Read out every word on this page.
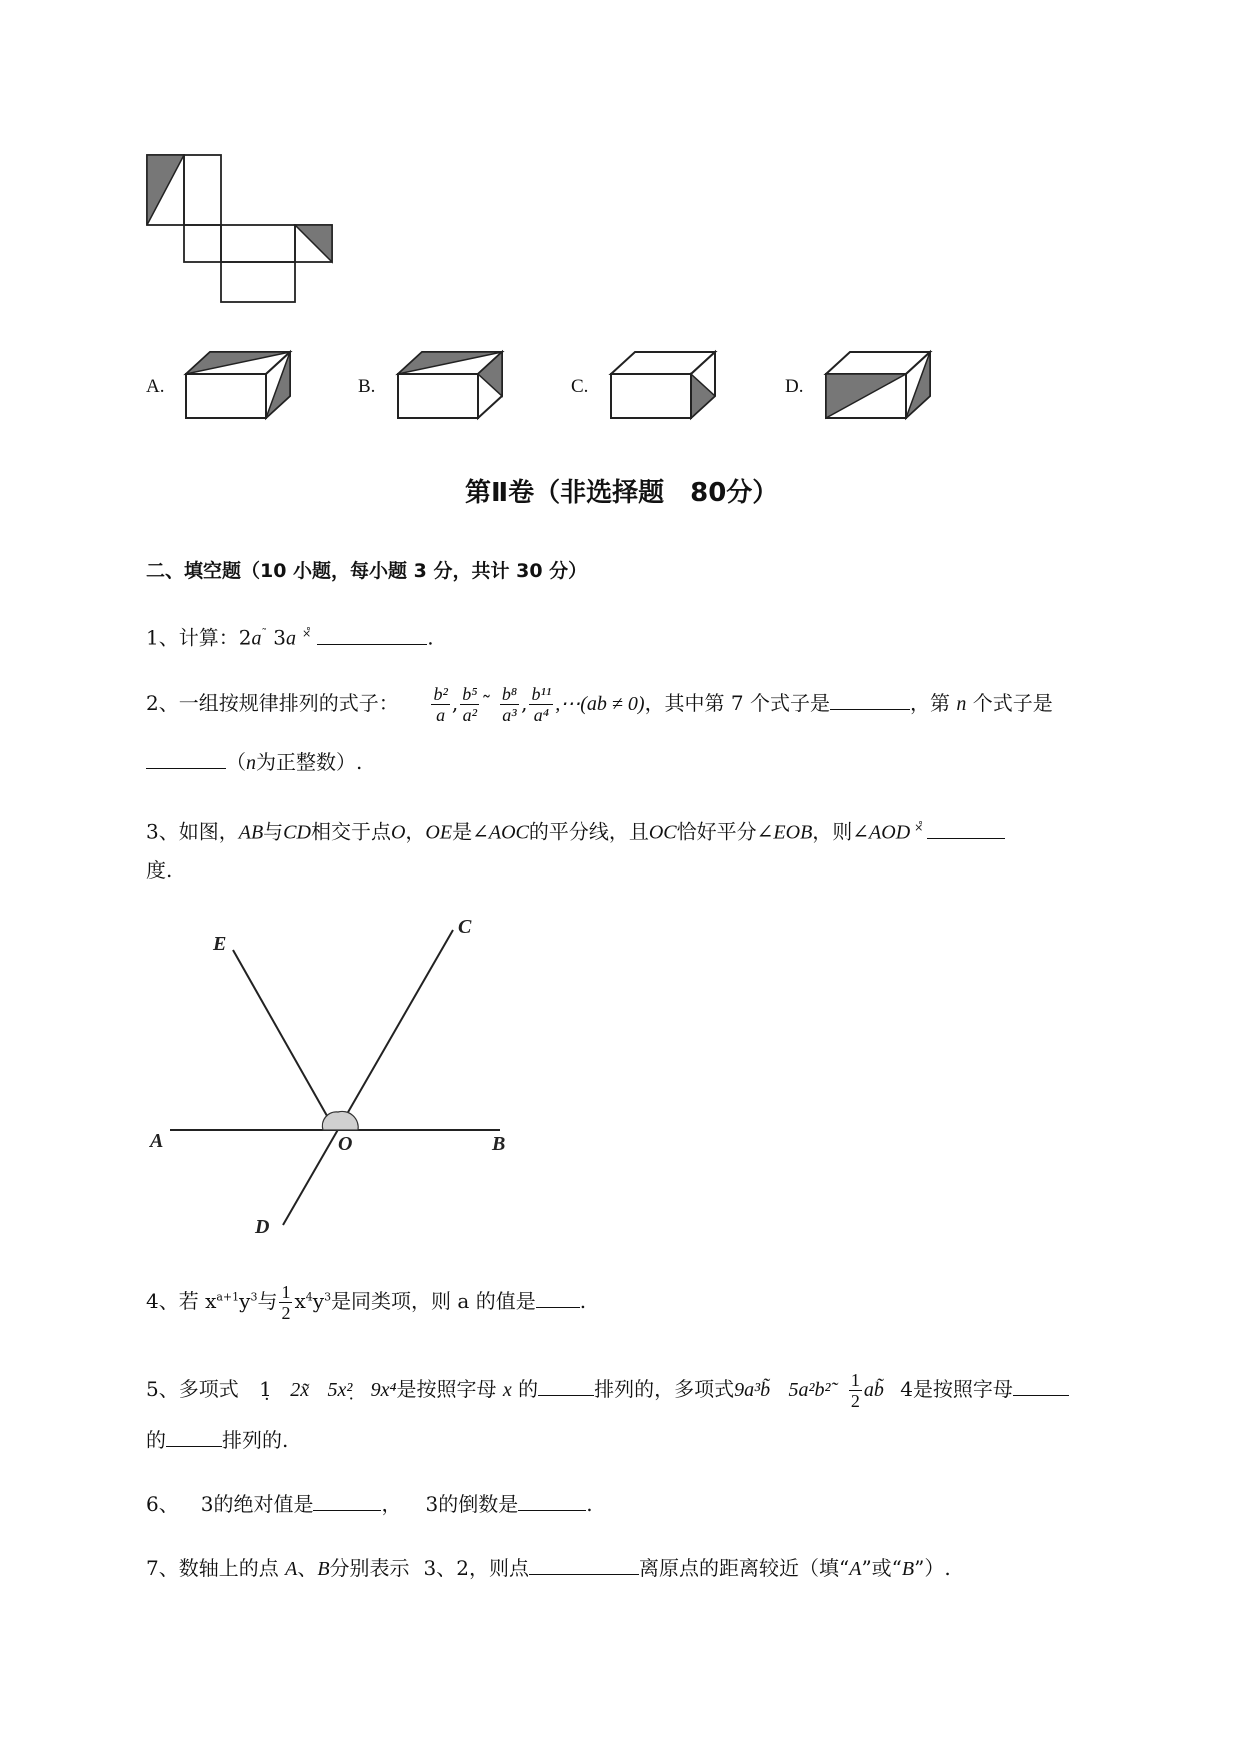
A.	B.	C.	D.
第Ⅱ卷（非选择题　80分）
二、填空题（10 小题，每小题 3 分，共计 30 分）
1、计算：2a˜ 3a ×̊	.
2、一组按规律排列的式子： $\frac{\text{b²}}{a}$ , $\frac{\text{b⁵}}{\text{a²}}$ ˜ $\frac{\text{b⁸}}{\text{a³}}$ , $\frac{\text{b¹¹}}{\text{a⁴}}$ ,⋯(ab ≠ 0)，其中第 7 个式子是	，第 n 个式子是
（n为正整数）.
3、如图，AB与CD相交于点O，OE是∠AOC的平分线，且OC恰好平分∠EOB，则∠AOD ×̊
度.
E
C
A	O	B
D
4、若 $x^{a+1}y^3$与 $\frac{1}{2} x^4y^3$是同类项，则 a 的值是 .
5、多项式 1̣ 2x̃ 5x²̣ 9x⁴是按照字母 x 的	排列的，多项式9a³b̃ 5a²b²̃ $\frac{1}{2}$ ab̃ 4是按照字母
的	排列的.
6、 3的绝对值是	， 3的倒数是	.
7、数轴上的点 A、B分别表示 3、2，则点	离原点的距离较近（填“A”或“B”）.
